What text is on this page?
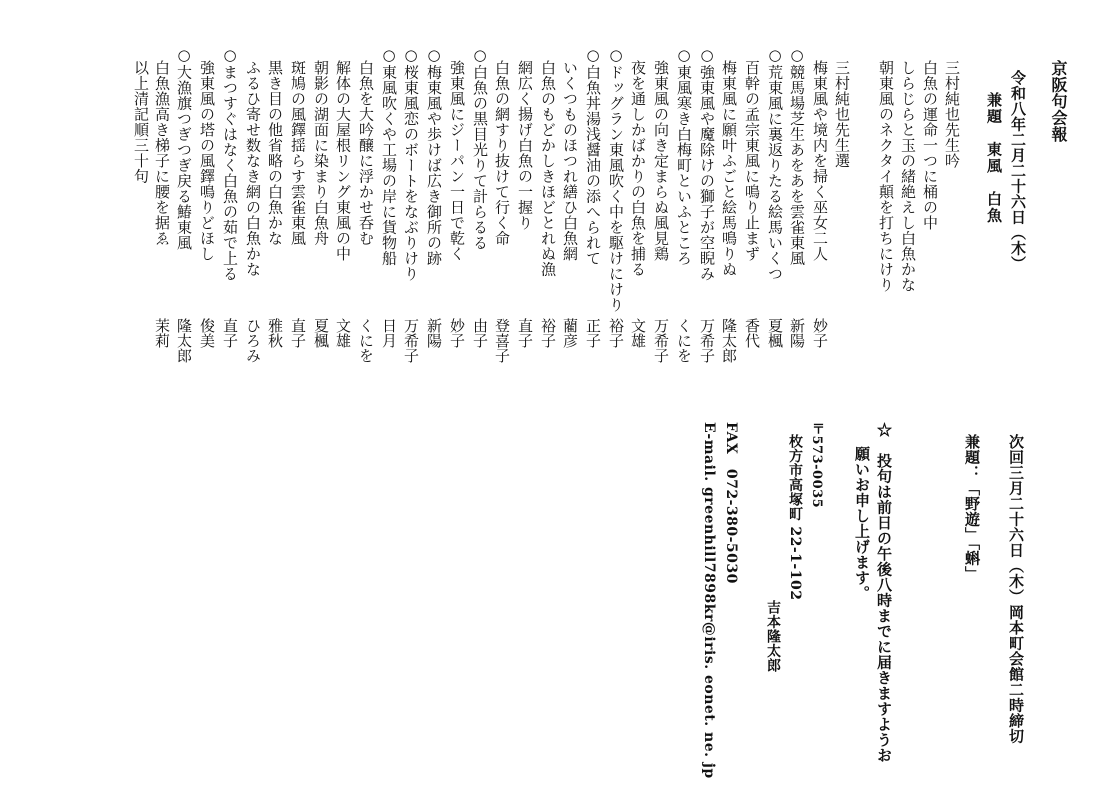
京阪句会報
令和八年二月二十六日（木）
兼題　東風　白魚
三村純也先生吟
白魚の運命一つに桶の中
しらじらと玉の緒絶えし白魚かな
朝東風のネクタイ顛を打ちにけり
三村純也先生選
梅東風や境内を掃く巫女二人
妙子
○競馬場芝生あをあを雲雀東風
新陽
○荒東風に裏返りたる絵馬いくつ
夏楓
百幹の孟宗東風に鳴り止まず
香代
梅東風に願叶ふごと絵馬鳴りぬ
隆太郎
○強東風や魔除けの獅子が空睨み
万希子
○東風寒き白梅町といふところ
くにを
強東風の向き定まらぬ風見鶏
万希子
夜を通しかばかりの白魚を捕る
文雄
○ドッグラン東風吹く中を駆けにけり
裕子
○白魚丼湯浅醤油の添へられて
正子
いくつものほつれ繕ひ白魚網
藺彦
白魚のもどかしきほどとれぬ漁
裕子
網広く揚げ白魚の一握り
直子
白魚の網すり抜けて行く命
登喜子
○白魚の黒目光りて計らるる
由子
強東風にジーパン一日で乾く
妙子
○梅東風や歩けば広き御所の跡
新陽
○桜東風恋のボートをなぶりけり
万希子
○東風吹くや工場の岸に貨物船
日月
白魚を大吟醸に浮かせ呑む
くにを
解体の大屋根リング東風の中
文雄
朝影の湖面に染まり白魚舟
夏楓
斑鳩の風鐸揺らす雲雀東風
直子
黒き目の他省略の白魚かな
雅秋
ふるひ寄せ数なき網の白魚かな
ひろみ
○まつすぐはなく白魚の茹で上る
直子
強東風の塔の風鐸鳴りどほし
俊美
○大漁旗つぎつぎ戻る鰆東風
隆太郎
白魚漁高き梯子に腰を据ゑ
茉莉
以上清記順三十句
次回三月二十六日（木）岡本町会館二時締切
兼題：「野遊」「蝌」
☆　投句は前日の午後八時までに届きますようお
願いお申し上げます。
〒573-0035
枚方市高塚町 22-1-102
吉本隆太郎
FAX　072-380-5030
E-mail. greenhill7898kr@iris. eonet. ne. jp
